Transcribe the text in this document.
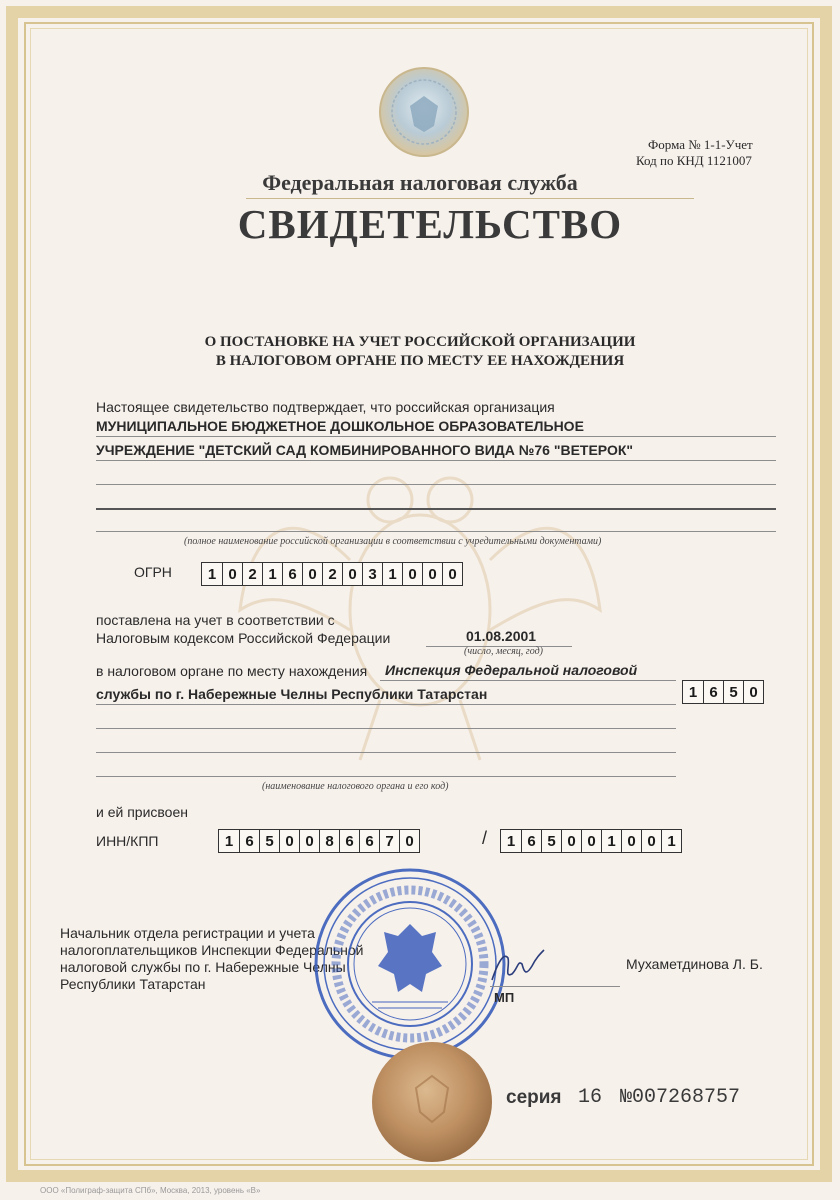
Форма № 1-1-Учет
Код по КНД 1121007
Федеральная налоговая служба
СВИДЕТЕЛЬСТВО
О ПОСТАНОВКЕ НА УЧЕТ РОССИЙСКОЙ ОРГАНИЗАЦИИ
В НАЛОГОВОМ ОРГАНЕ ПО МЕСТУ ЕЕ НАХОЖДЕНИЯ
Настоящее свидетельство подтверждает, что российская организация
МУНИЦИПАЛЬНОЕ БЮДЖЕТНОЕ ДОШКОЛЬНОЕ ОБРАЗОВАТЕЛЬНОЕ
УЧРЕЖДЕНИЕ "ДЕТСКИЙ САД КОМБИНИРОВАННОГО ВИДА №76 "ВЕТЕРОК"
(полное наименование российской организации в соответствии с учредительными документами)
ОГРН	1 0 2 1 6 0 2 0 3 1 0 0 0
поставлена на учет в соответствии с
Налоговым кодексом Российской Федерации	01.08.2001
(число, месяц, год)
в налоговом органе по месту нахождения Инспекция Федеральной налоговой
службы по г. Набережные Челны Республики Татарстан	1 6 5 0
(наименование налогового органа и его код)
и ей присвоен
ИНН/КПП	1 6 5 0 0 8 6 6 7 0	/	1 6 5 0 0 1 0 0 1
Начальник отдела регистрации и учета
налогоплательщиков Инспекции Федеральной
налоговой службы по г. Набережные Челны
Республики Татарстан
МП
Мухаметдинова Л. Б.
серия 16 №007268757
ООО «Полиграф-защита СПб», Москва, 2013, уровень «В»
